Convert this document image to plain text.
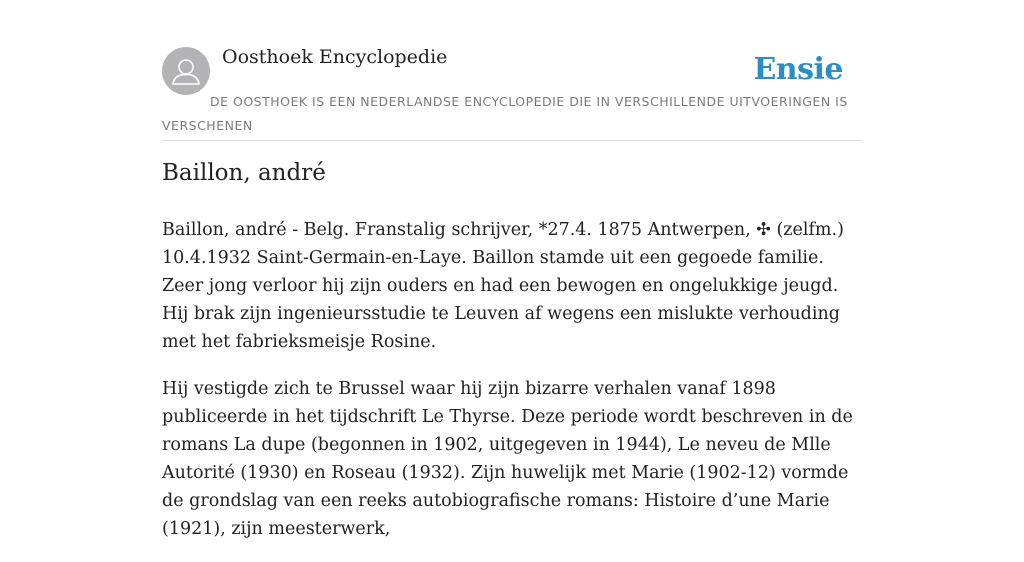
Oosthoek Encyclopedie	Ensie
DE OOSTHOEK IS EEN NEDERLANDSE ENCYCLOPEDIE DIE IN VERSCHILLENDE UITVOERINGEN IS VERSCHENEN
Baillon, andré

Baillon, andré - Belg. Franstalig schrijver, *27.4. 1875 Antwerpen, ✣ (zelfm.) 10.4.1932 Saint-Germain-en-Laye. Baillon stamde uit een gegoede familie. Zeer jong verloor hij zijn ouders en had een bewogen en ongelukkige jeugd. Hij brak zijn ingenieursstudie te Leuven af wegens een mislukte verhouding met het fabrieksmeisje Rosine.

Hij vestigde zich te Brussel waar hij zijn bizarre verhalen vanaf 1898 publiceerde in het tijdschrift Le Thyrse. Deze periode wordt beschreven in de romans La dupe (begonnen in 1902, uitgegeven in 1944), Le neveu de Mlle Autorité (1930) en Roseau (1932). Zijn huwelijk met Marie (1902-12) vormde de grondslag van een reeks autobiografische romans: Histoire d’une Marie (1921), zijn meesterwerk,
